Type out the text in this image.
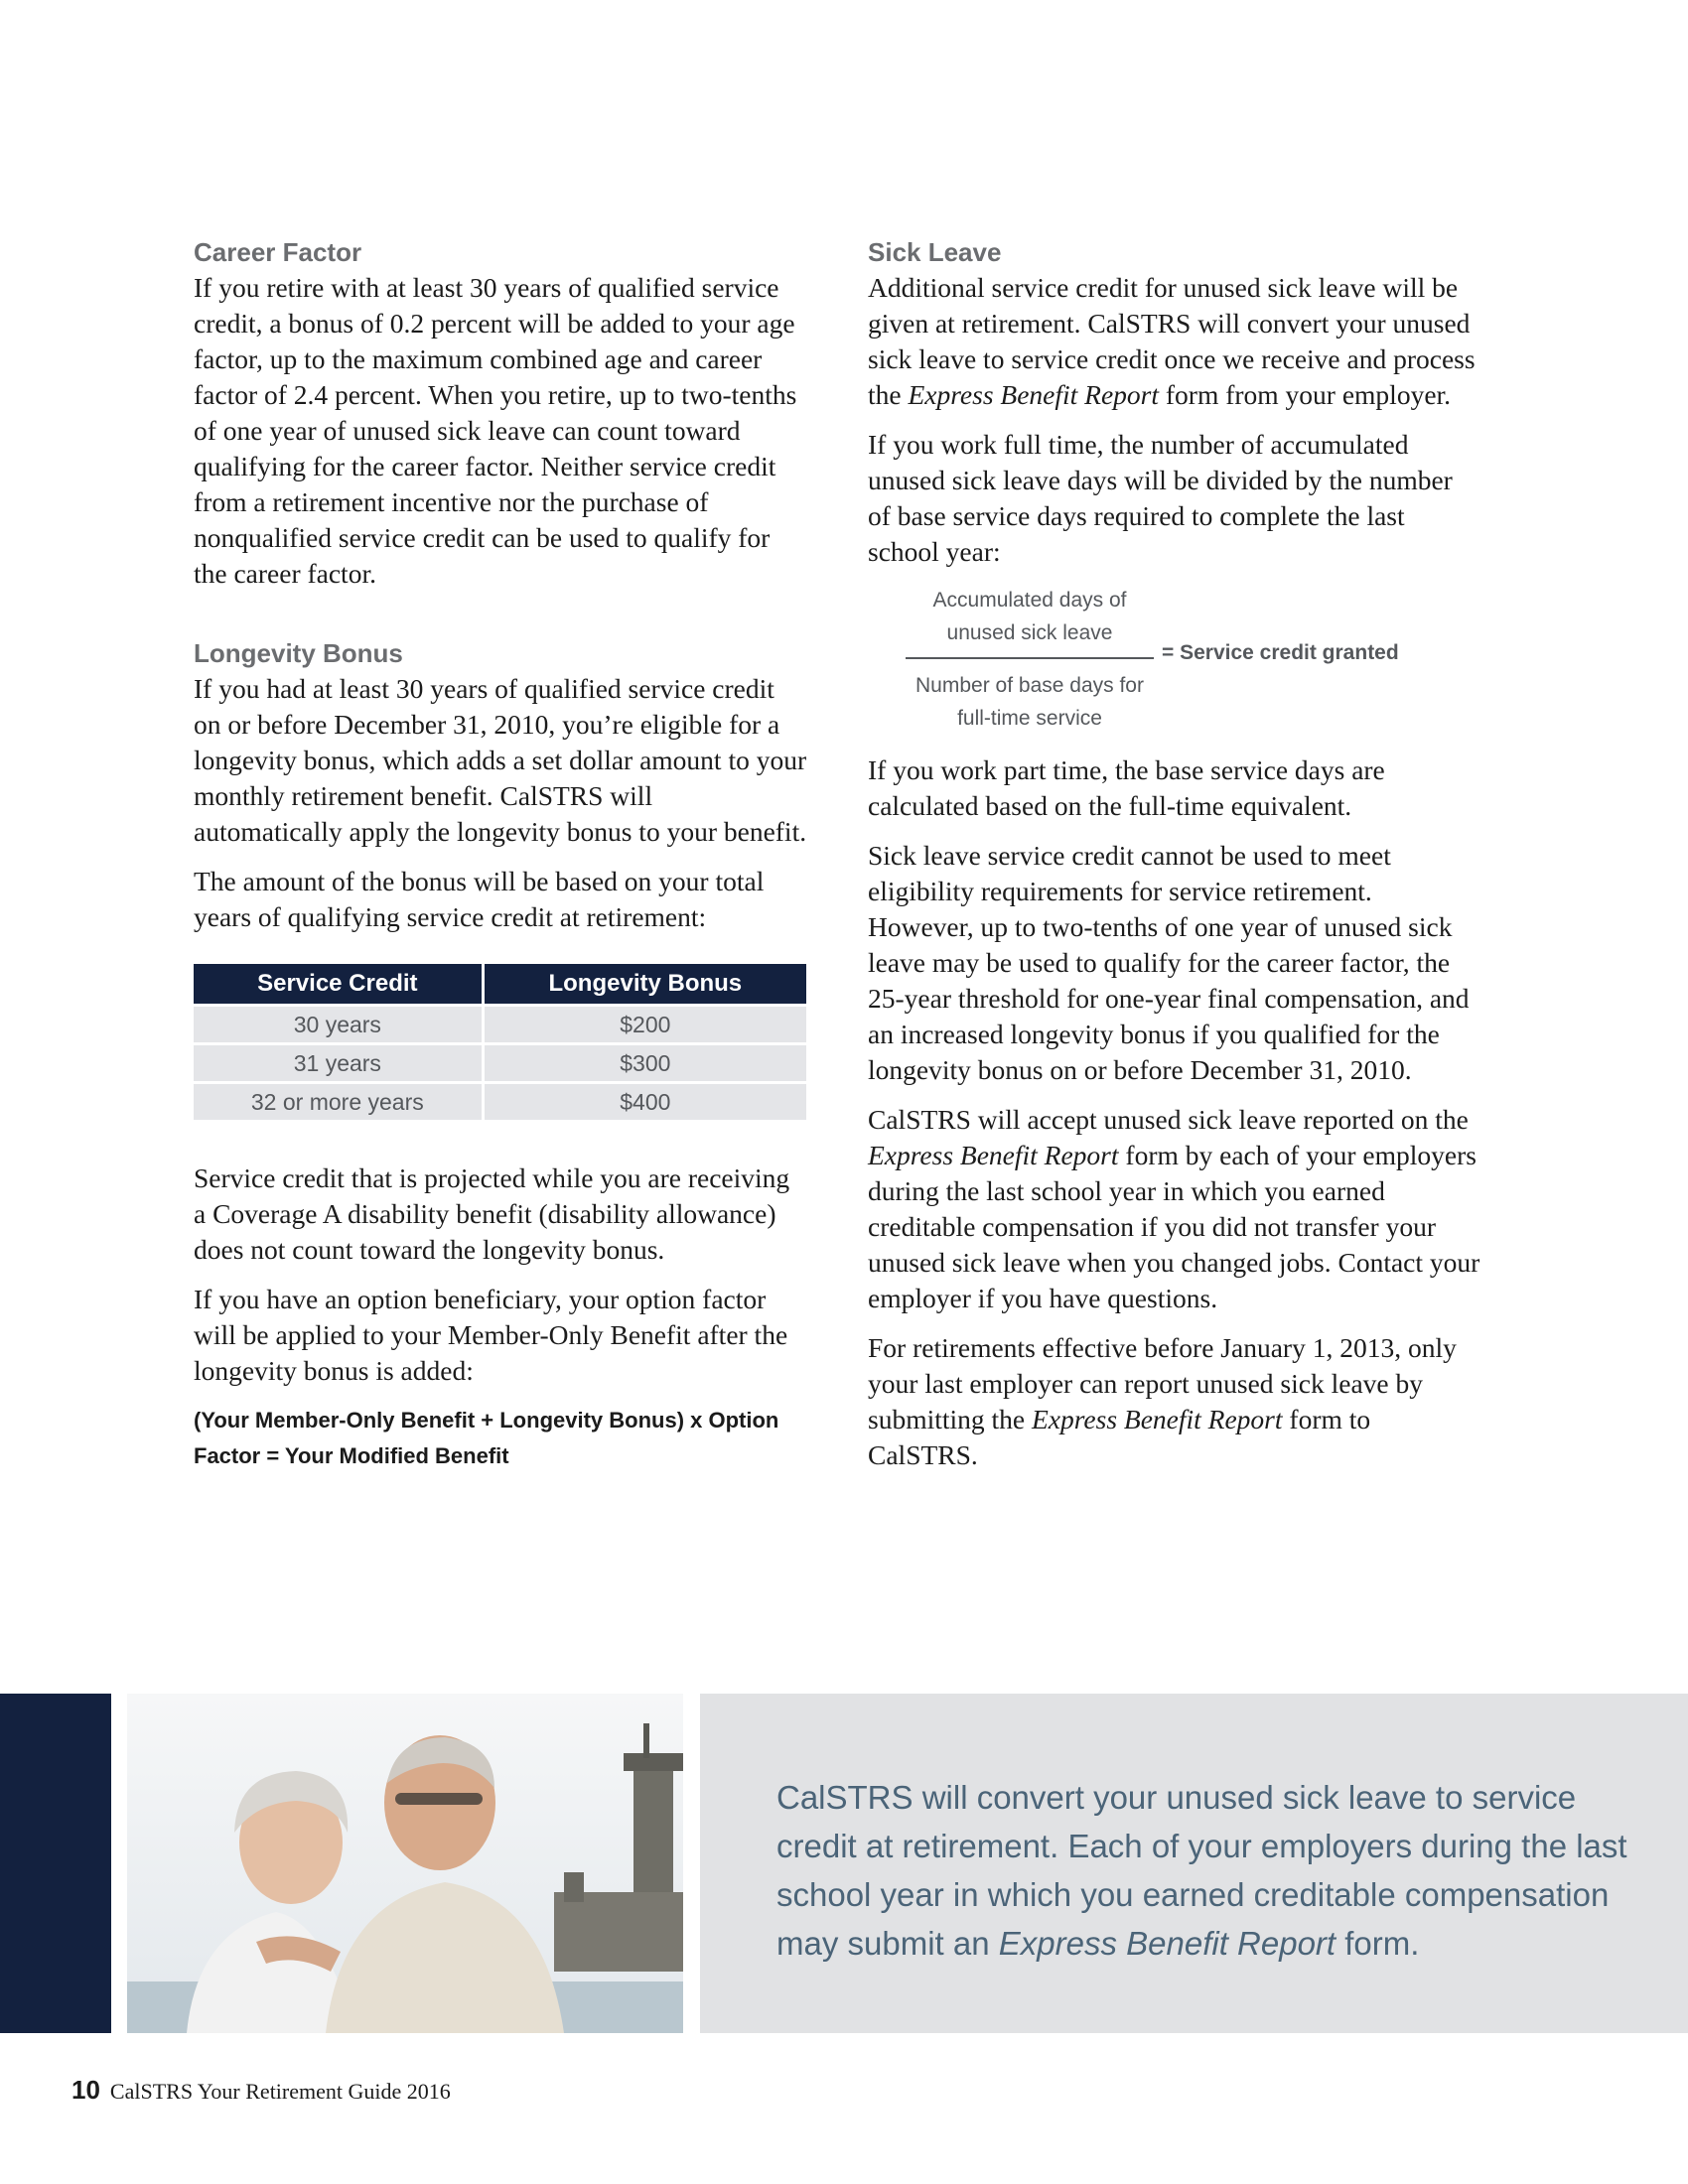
Career Factor

If you retire with at least 30 years of qualified service credit, a bonus of 0.2 percent will be added to your age factor, up to the maximum combined age and career factor of 2.4 percent. When you retire, up to two-tenths of one year of unused sick leave can count toward qualifying for the career factor. Neither service credit from a retirement incentive nor the purchase of nonqualified service credit can be used to qualify for the career factor.

Longevity Bonus

If you had at least 30 years of qualified service credit on or before December 31, 2010, you’re eligible for a longevity bonus, which adds a set dollar amount to your monthly retirement benefit. CalSTRS will automatically apply the longevity bonus to your benefit.

The amount of the bonus will be based on your total years of qualifying service credit at retirement:

Service Credit	Longevity Bonus
30 years	$200
31 years	$300
32 or more years	$400

Service credit that is projected while you are receiving a Coverage A disability benefit (disability allowance) does not count toward the longevity bonus.

If you have an option beneficiary, your option factor will be applied to your Member-Only Benefit after the longevity bonus is added:

(Your Member-Only Benefit + Longevity Bonus) x Option Factor = Your Modified Benefit
Sick Leave

Additional service credit for unused sick leave will be given at retirement. CalSTRS will convert your unused sick leave to service credit once we receive and process the Express Benefit Report form from your employer.

If you work full time, the number of accumulated unused sick leave days will be divided by the number of base service days required to complete the last school year:

Accumulated days of unused sick leave
Number of base days for full-time service
= Service credit granted

If you work part time, the base service days are calculated based on the full-time equivalent.

Sick leave service credit cannot be used to meet eligibility requirements for service retirement. However, up to two-tenths of one year of unused sick leave may be used to qualify for the career factor, the 25-year threshold for one-year final compensation, and an increased longevity bonus if you qualified for the longevity bonus on or before December 31, 2010.

CalSTRS will accept unused sick leave reported on the Express Benefit Report form by each of your employers during the last school year in which you earned creditable compensation if you did not transfer your unused sick leave when you changed jobs. Contact your employer if you have questions.

For retirements effective before January 1, 2013, only your last employer can report unused sick leave by submitting the Express Benefit Report form to CalSTRS.

CalSTRS will convert your unused sick leave to service credit at retirement. Each of your employers during the last school year in which you earned creditable compensation may submit an Express Benefit Report form.
10 CalSTRS Your Retirement Guide 2016
